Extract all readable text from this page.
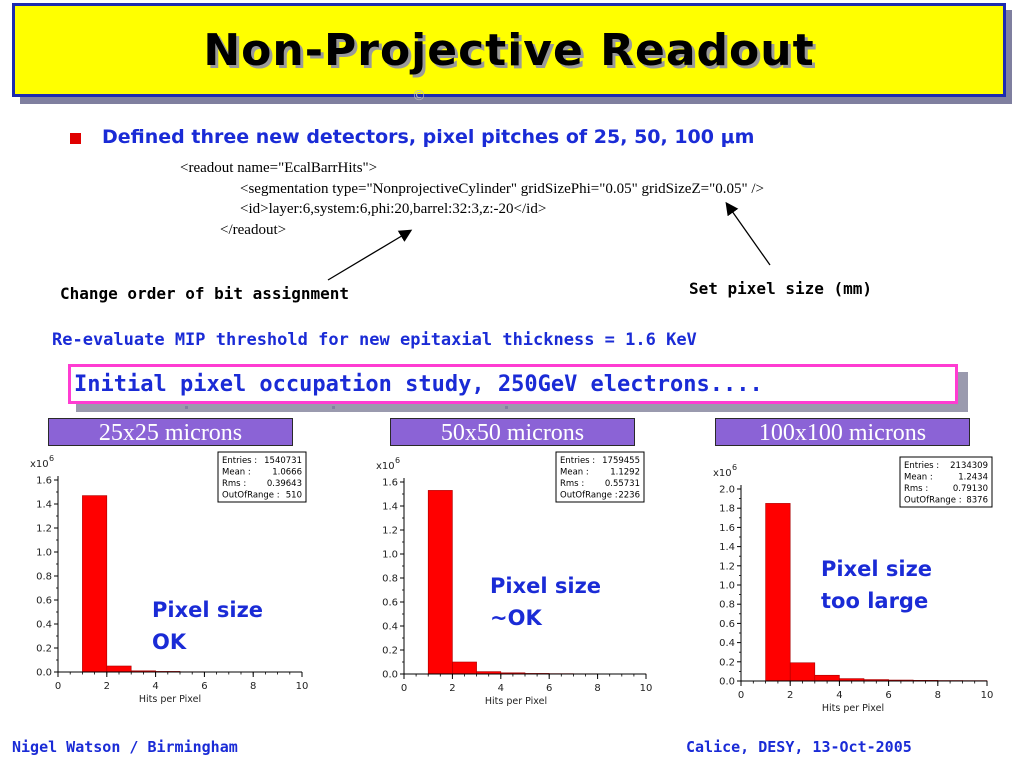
Non-Projective Readout
©
Defined three new detectors, pixel pitches of 25, 50, 100 μm
<readout name="EcalBarrHits">
<segmentation type="NonprojectiveCylinder" gridSizePhi="0.05" gridSizeZ="0.05" />
<id>layer:6,system:6,phi:20,barrel:32:3,z:-20</id>
</readout>
Change order of bit assignment	Set pixel size (mm)
Re-evaluate MIP threshold for new epitaxial thickness = 1.6 KeV
Initial pixel occupation study, 250GeV electrons....
25x25 microns	50x50 microns	100x100 microns
0.0
0.2
0.4
0.6
0.8
1.0
1.2
1.4
1.6
0	2	4	6	8	10
Hits per Pixel
x10
6	Entries : 1540731
Mean :	1.0666
Rms : 0.39643
OutOfRange : 510
0.0
0.2
0.4
0.6
0.8
1.0
1.2
1.4
1.6
0	2	4	6	8	10
Hits per Pixel
x10
6	Entries : 1759455
Mean :	1.1292
Rms : 0.55731
OutOfRange : 2236
0.0
0.2
0.4
0.6
0.8
1.0
1.2
1.4
1.6
1.8
2.0
0	2	4	6	8	10
Hits per Pixel
x10
6	Entries : 2134309
Mean :	1.2434
Rms :	0.79130
OutOfRange : 8376
Pixel size
OK
Pixel size
~OK
Pixel size
too large
Nigel Watson / Birmingham	Calice, DESY, 13-Oct-2005
